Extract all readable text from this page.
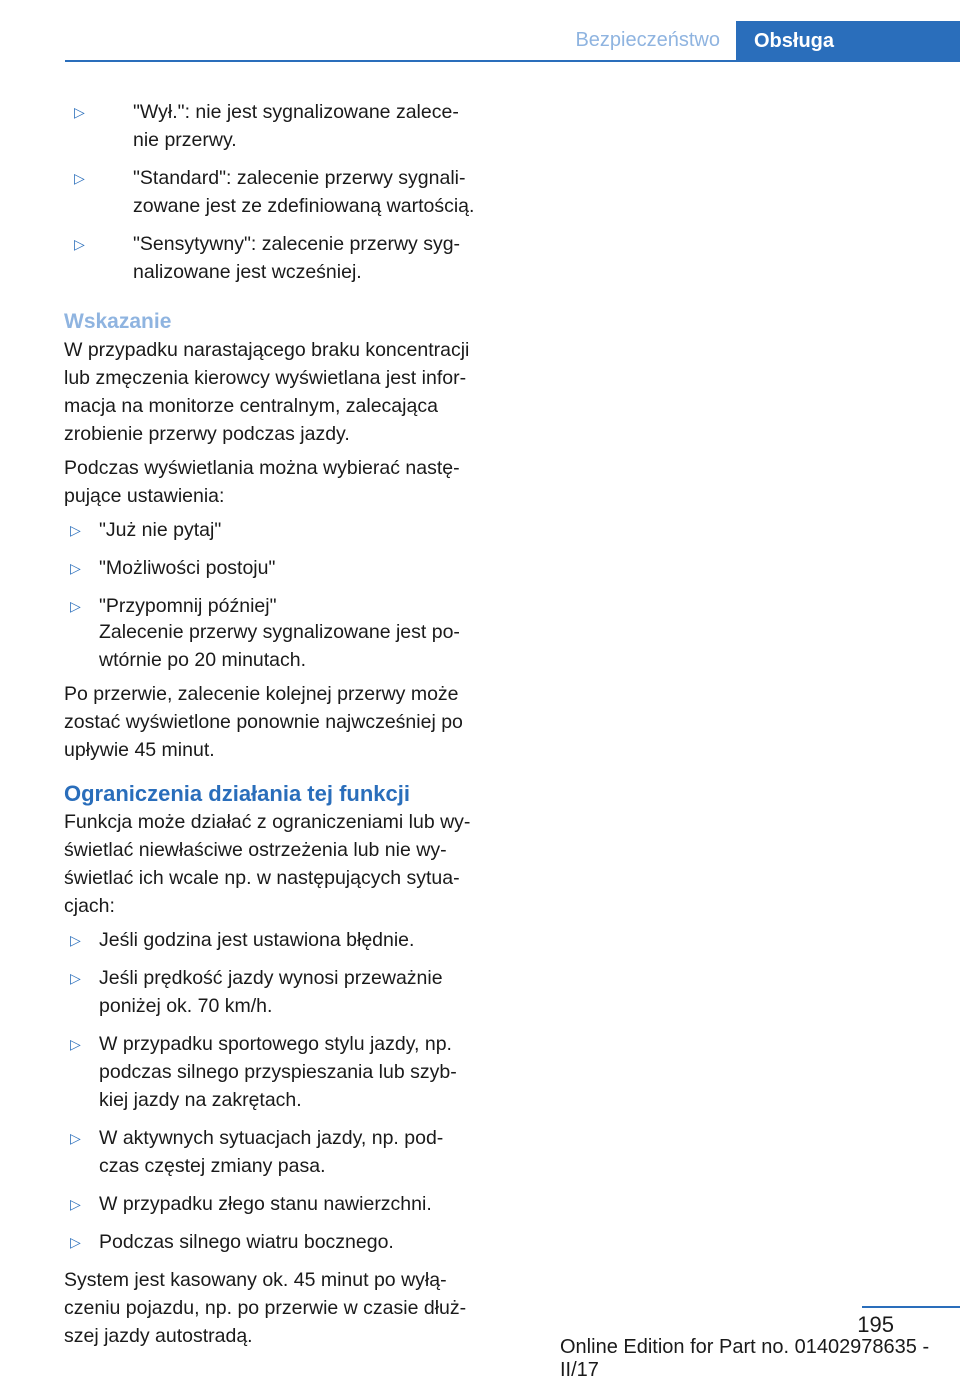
Bezpieczeństwo	Obsługa
▷ "Wył.": nie jest sygnalizowane zalece-
nie przerwy.
▷ "Standard": zalecenie przerwy sygnali-
zowane jest ze zdefiniowaną wartością.
▷ "Sensytywny": zalecenie przerwy syg-
nalizowane jest wcześniej.
Wskazanie

W przypadku narastającego braku koncentracji lub zmęczenia kierowcy wyświetlana jest infor-macja na monitorze centralnym, zalecająca zrobienie przerwy podczas jazdy.

Podczas wyświetlania można wybierać nastę-pujące ustawienia:

▷ "Już nie pytaj"
▷ "Możliwości postoju"
▷ "Przypomnij później"

Zalecenie przerwy sygnalizowane jest po-wtórnie po 20 minutach.

Po przerwie, zalecenie kolejnej przerwy może zostać wyświetlone ponownie najwcześniej po upływie 45 minut.

Ograniczenia działania tej funkcji

Funkcja może działać z ograniczeniami lub wy-świetlać niewłaściwe ostrzeżenia lub nie wy-świetlać ich wcale np. w następujących sytua-cjach:

▷ Jeśli godzina jest ustawiona błędnie.
▷ Jeśli prędkość jazdy wynosi przeważnie poniżej ok. 70 km/h.
▷ W przypadku sportowego stylu jazdy, np. podczas silnego przyspieszania lub szyb-kiej jazdy na zakrętach.
▷ W aktywnych sytuacjach jazdy, np. pod-czas częstej zmiany pasa.
▷ W przypadku złego stanu nawierzchni.
▷ Podczas silnego wiatru bocznego.

System jest kasowany ok. 45 minut po wyłą-czeniu pojazdu, np. po przerwie w czasie dłuż-szej jazdy autostradą.	195
Online Edition for Part no. 01402978635 - II/17
